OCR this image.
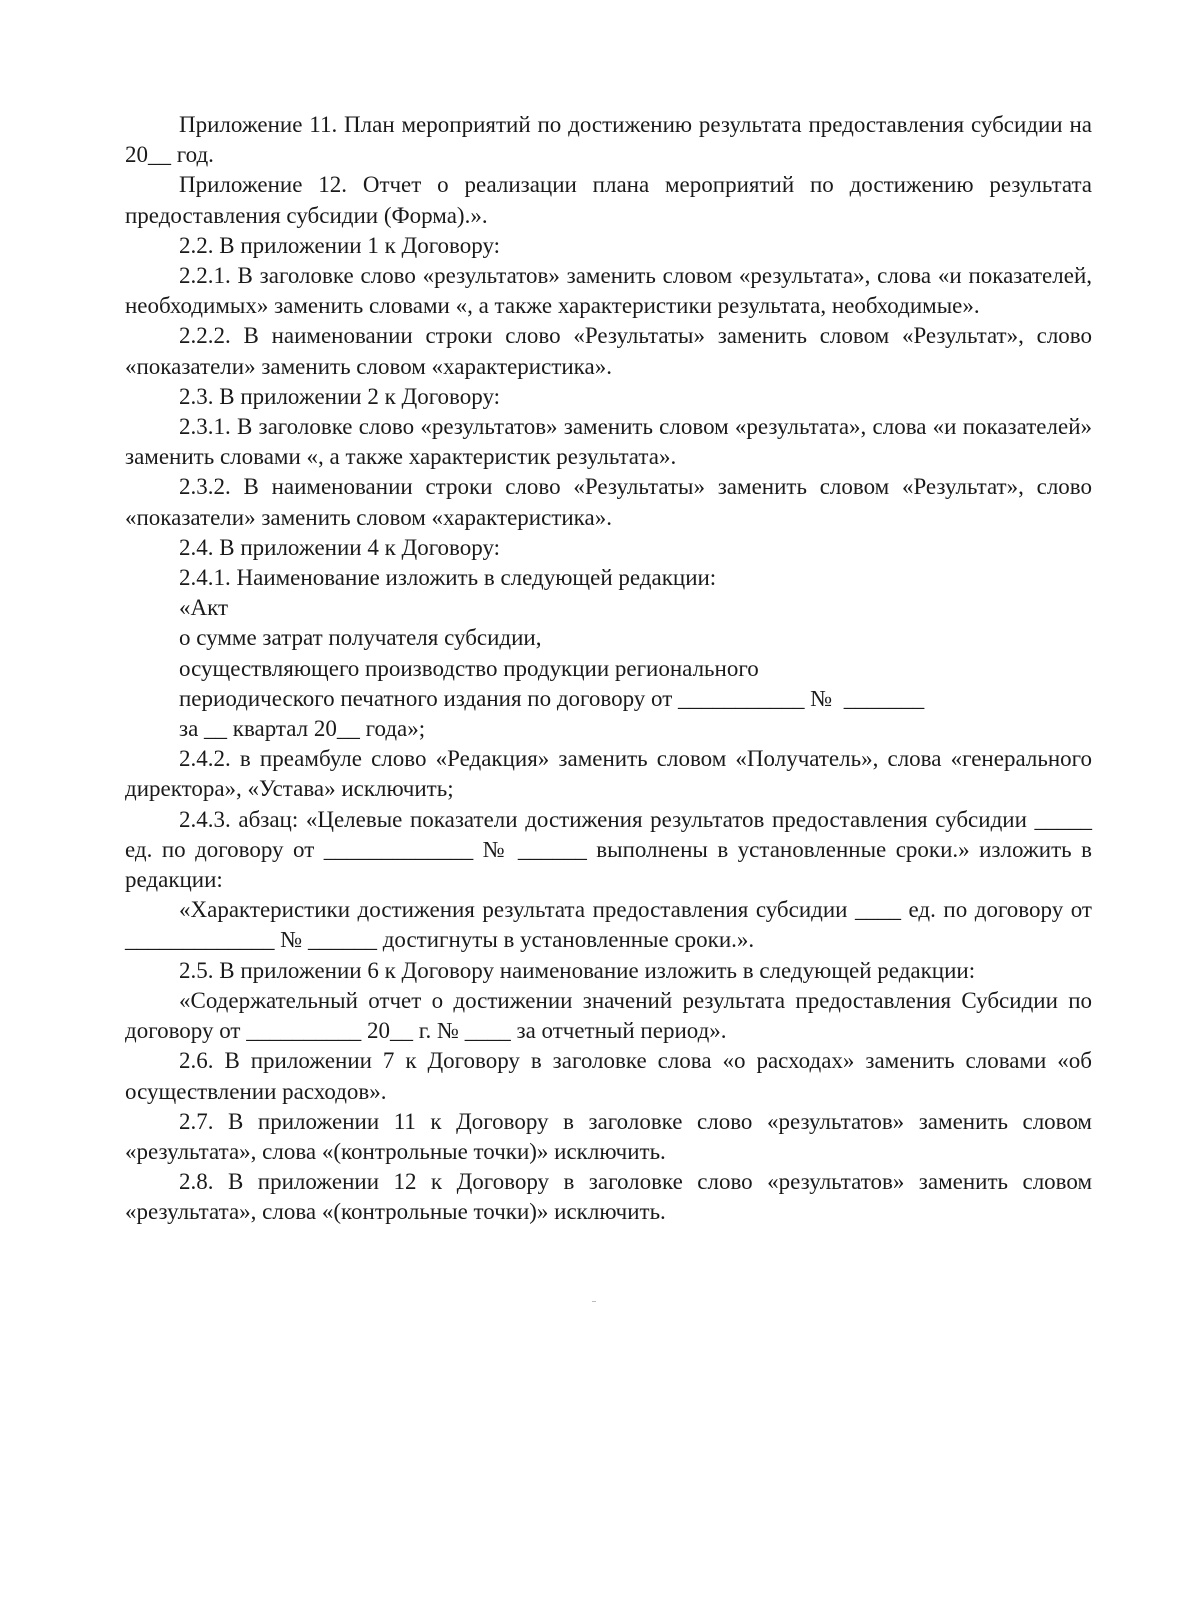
Приложение 11. План мероприятий по достижению результата предоставления субсидии на 20__ год.

Приложение 12. Отчет о реализации плана мероприятий по достижению результата предоставления субсидии (Форма).».

2.2. В приложении 1 к Договору:

2.2.1. В заголовке слово «результатов» заменить словом «результата», слова «и показателей, необходимых» заменить словами «, а также характеристики результата, необходимые».

2.2.2. В наименовании строки слово «Результаты» заменить словом «Результат», слово «показатели» заменить словом «характеристика».

2.3. В приложении 2 к Договору:

2.3.1. В заголовке слово «результатов» заменить словом «результата», слова «и показателей» заменить словами «, а также характеристик результата».

2.3.2. В наименовании строки слово «Результаты» заменить словом «Результат», слово «показатели» заменить словом «характеристика».

2.4. В приложении 4 к Договору:

2.4.1. Наименование изложить в следующей редакции:

«Акт

о сумме затрат получателя субсидии,

осуществляющего производство продукции регионального

периодического печатного издания по договору от ___________ №  _______

за __ квартал 20__ года»;

2.4.2. в преамбуле слово «Редакция» заменить словом «Получатель», слова «генерального директора», «Устава» исключить;

2.4.3. абзац: «Целевые показатели достижения результатов предоставления субсидии _____ ед. по договору от _____________ № ______ выполнены в установленные сроки.» изложить в редакции:

«Характеристики достижения результата предоставления субсидии ____ ед. по договору от _____________ № ______ достигнуты в установленные сроки.».

2.5. В приложении 6 к Договору наименование изложить в следующей редакции:

«Содержательный отчет о достижении значений результата предоставления Субсидии по договору от __________ 20__ г. № ____ за отчетный период».

2.6. В приложении 7 к Договору в заголовке слова «о расходах» заменить словами «об осуществлении расходов».

2.7. В приложении 11 к Договору в заголовке слово «результатов» заменить словом «результата», слова «(контрольные точки)» исключить.

2.8. В приложении 12 к Договору в заголовке слово «результатов» заменить словом «результата», слова «(контрольные точки)» исключить.
